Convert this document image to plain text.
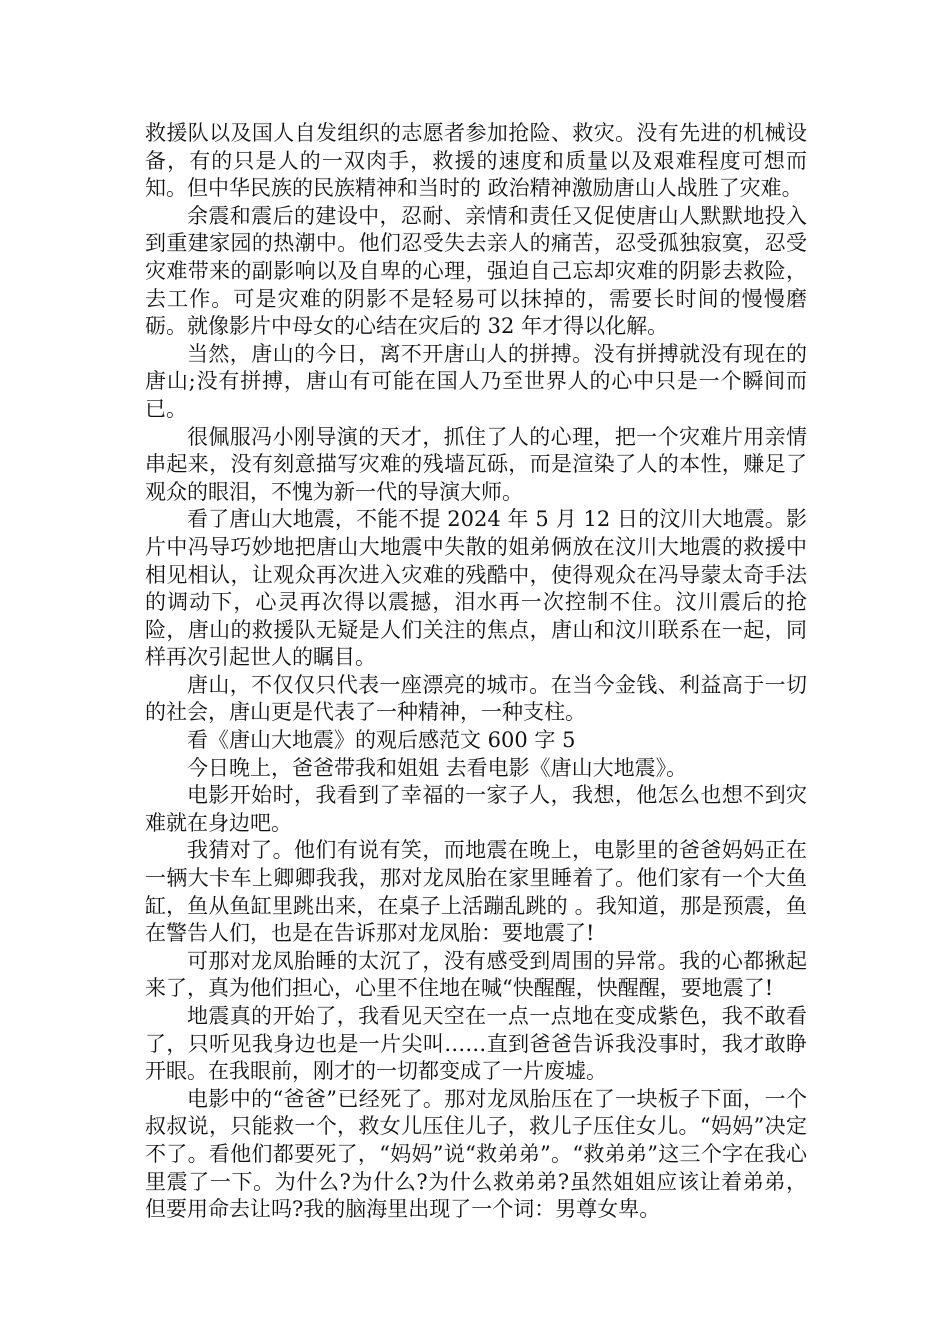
救援队以及国人自发组织的志愿者参加抢险、救灾。没有先进的机械设备，有的只是人的一双肉手，救援的速度和质量以及艰难程度可想而知。但中华民族的民族精神和当时的 政治精神激励唐山人战胜了灾难。

余震和震后的建设中，忍耐、亲情和责任又促使唐山人默默地投入到重建家园的热潮中。他们忍受失去亲人的痛苦，忍受孤独寂寞，忍受灾难带来的副影响以及自卑的心理，强迫自己忘却灾难的阴影去救险，去工作。可是灾难的阴影不是轻易可以抹掉的，需要长时间的慢慢磨砺。就像影片中母女的心结在灾后的 32 年才得以化解。

当然，唐山的今日，离不开唐山人的拼搏。没有拼搏就没有现在的唐山;没有拼搏，唐山有可能在国人乃至世界人的心中只是一个瞬间而已。

很佩服冯小刚导演的天才，抓住了人的心理，把一个灾难片用亲情串起来，没有刻意描写灾难的残墙瓦砾，而是渲染了人的本性，赚足了观众的眼泪，不愧为新一代的导演大师。

看了唐山大地震，不能不提 2024 年 5 月 12 日的汶川大地震。影片中冯导巧妙地把唐山大地震中失散的姐弟俩放在汶川大地震的救援中相见相认，让观众再次进入灾难的残酷中，使得观众在冯导蒙太奇手法的调动下，心灵再次得以震撼，泪水再一次控制不住。汶川震后的抢险，唐山的救援队无疑是人们关注的焦点，唐山和汶川联系在一起，同样再次引起世人的瞩目。

唐山，不仅仅只代表一座漂亮的城市。在当今金钱、利益高于一切的社会，唐山更是代表了一种精神，一种支柱。

看《唐山大地震》的观后感范文 600 字 5

今日晚上，爸爸带我和姐姐 去看电影《唐山大地震》。

电影开始时，我看到了幸福的一家子人，我想，他怎么也想不到灾难就在身边吧。

我猜对了。他们有说有笑，而地震在晚上，电影里的爸爸妈妈正在一辆大卡车上卿卿我我，那对龙凤胎在家里睡着了。他们家有一个大鱼缸，鱼从鱼缸里跳出来，在桌子上活蹦乱跳的 。我知道，那是预震，鱼在警告人们，也是在告诉那对龙凤胎：要地震了!

可那对龙凤胎睡的太沉了，没有感受到周围的异常。我的心都揪起来了，真为他们担心，心里不住地在喊“快醒醒，快醒醒，要地震了!

地震真的开始了，我看见天空在一点一点地在变成紫色，我不敢看了，只听见我身边也是一片尖叫……直到爸爸告诉我没事时，我才敢睁开眼。在我眼前，刚才的一切都变成了一片废墟。

电影中的“爸爸”已经死了。那对龙凤胎压在了一块板子下面，一个叔叔说，只能救一个，救女儿压住儿子，救儿子压住女儿。“妈妈”决定不了。看他们都要死了，“妈妈”说“救弟弟”。“救弟弟”这三个字在我心里震了一下。为什么?为什么?为什么救弟弟?虽然姐姐应该让着弟弟，但要用命去让吗?我的脑海里出现了一个词：男尊女卑。
